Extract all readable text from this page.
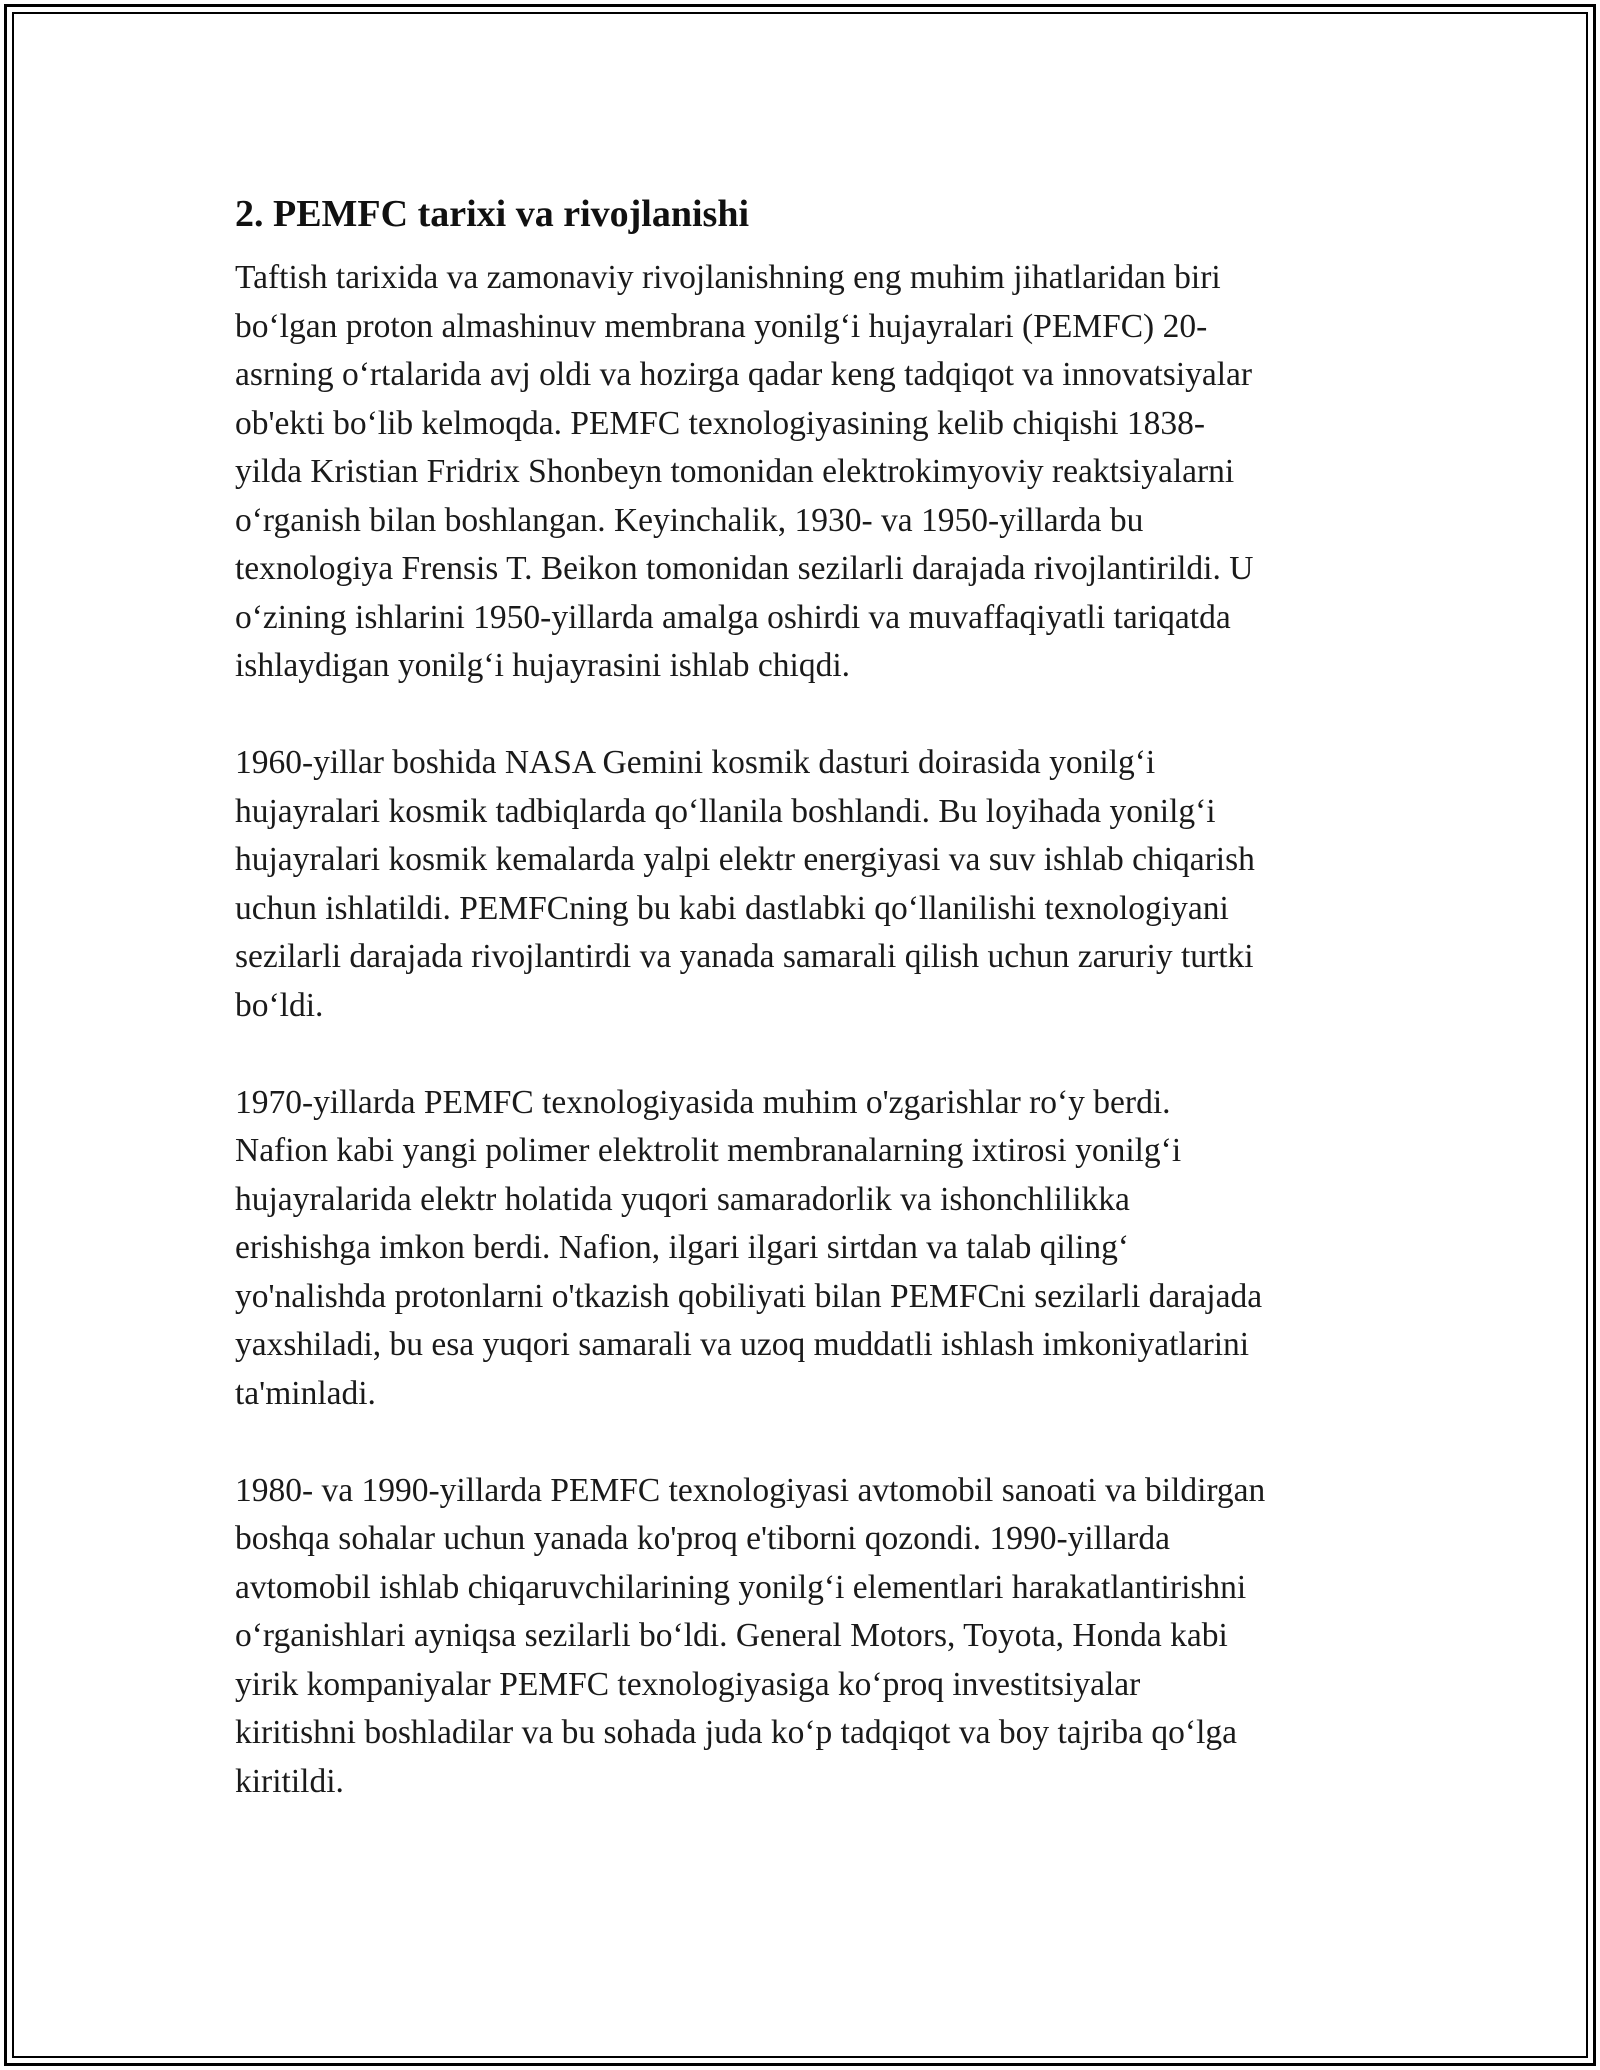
2. PEMFC tarixi va rivojlanishi

Taftish tarixida va zamonaviy rivojlanishning eng muhim jihatlaridan biri
bo‘lgan proton almashinuv membrana yonilg‘i hujayralari (PEMFC) 20-
asrning o‘rtalarida avj oldi va hozirga qadar keng tadqiqot va innovatsiyalar
ob'ekti bo‘lib kelmoqda. PEMFC texnologiyasining kelib chiqishi 1838-
yilda Kristian Fridrix Shonbeyn tomonidan elektrokimyoviy reaktsiyalarni
o‘rganish bilan boshlangan. Keyinchalik, 1930- va 1950-yillarda bu
texnologiya Frensis T. Beikon tomonidan sezilarli darajada rivojlantirildi. U
o‘zining ishlarini 1950-yillarda amalga oshirdi va muvaffaqiyatli tariqatda
ishlaydigan yonilg‘i hujayrasini ishlab chiqdi.

1960-yillar boshida NASA Gemini kosmik dasturi doirasida yonilg‘i
hujayralari kosmik tadbiqlarda qo‘llanila boshlandi. Bu loyihada yonilg‘i
hujayralari kosmik kemalarda yalpi elektr energiyasi va suv ishlab chiqarish
uchun ishlatildi. PEMFCning bu kabi dastlabki qo‘llanilishi texnologiyani
sezilarli darajada rivojlantirdi va yanada samarali qilish uchun zaruriy turtki
bo‘ldi.

1970-yillarda PEMFC texnologiyasida muhim o'zgarishlar ro‘y berdi.
Nafion kabi yangi polimer elektrolit membranalarning ixtirosi yonilg‘i
hujayralarida elektr holatida yuqori samaradorlik va ishonchlilikka
erishishga imkon berdi. Nafion, ilgari ilgari sirtdan va talab qiling‘
yo'nalishda protonlarni o'tkazish qobiliyati bilan PEMFCni sezilarli darajada
yaxshiladi, bu esa yuqori samarali va uzoq muddatli ishlash imkoniyatlarini
ta'minladi.

1980- va 1990-yillarda PEMFC texnologiyasi avtomobil sanoati va bildirgan
boshqa sohalar uchun yanada ko'proq e'tiborni qozondi. 1990-yillarda
avtomobil ishlab chiqaruvchilarining yonilg‘i elementlari harakatlantirishni
o‘rganishlari ayniqsa sezilarli bo‘ldi. General Motors, Toyota, Honda kabi
yirik kompaniyalar PEMFC texnologiyasiga ko‘proq investitsiyalar
kiritishni boshladilar va bu sohada juda ko‘p tadqiqot va boy tajriba qo‘lga
kiritildi.
